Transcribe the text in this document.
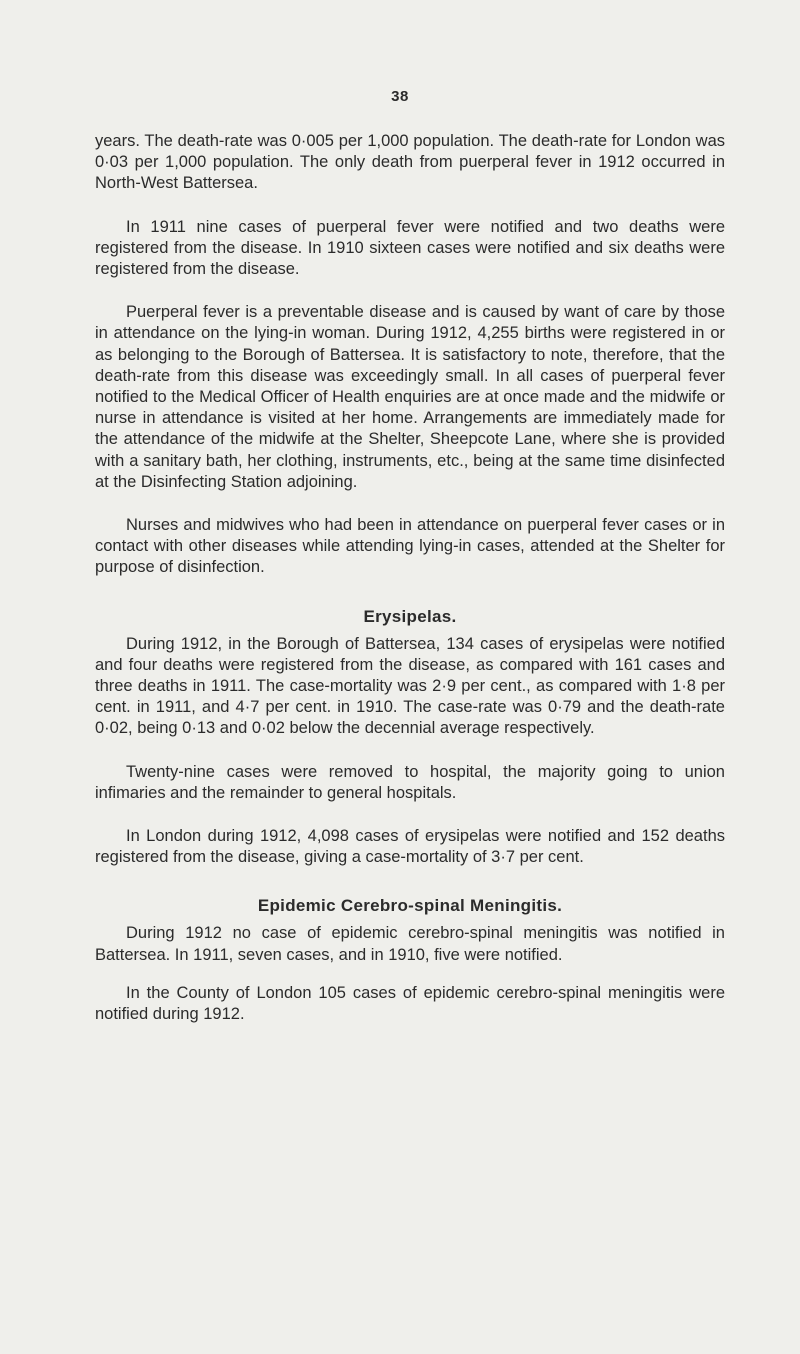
38

years. The death-rate was 0·005 per 1,000 population. The death-rate for London was 0·03 per 1,000 population. The only death from puerperal fever in 1912 occurred in North-West Battersea.

In 1911 nine cases of puerperal fever were notified and two deaths were registered from the disease. In 1910 sixteen cases were notified and six deaths were registered from the disease.

Puerperal fever is a preventable disease and is caused by want of care by those in attendance on the lying-in woman. During 1912, 4,255 births were registered in or as belonging to the Borough of Battersea. It is satisfactory to note, therefore, that the death-rate from this disease was exceedingly small. In all cases of puerperal fever notified to the Medical Officer of Health enquiries are at once made and the midwife or nurse in attendance is visited at her home. Arrangements are immediately made for the attendance of the midwife at the Shelter, Sheepcote Lane, where she is provided with a sanitary bath, her clothing, instruments, etc., being at the same time disinfected at the Disinfecting Station adjoining.

Nurses and midwives who had been in attendance on puerperal fever cases or in contact with other diseases while attending lying-in cases, attended at the Shelter for purpose of disinfection.

Erysipelas.

During 1912, in the Borough of Battersea, 134 cases of erysipelas were notified and four deaths were registered from the disease, as compared with 161 cases and three deaths in 1911. The case-mortality was 2·9 per cent., as compared with 1·8 per cent. in 1911, and 4·7 per cent. in 1910. The case-rate was 0·79 and the death-rate 0·02, being 0·13 and 0·02 below the decennial average respectively.

Twenty-nine cases were removed to hospital, the majority going to union infimaries and the remainder to general hospitals.

In London during 1912, 4,098 cases of erysipelas were notified and 152 deaths registered from the disease, giving a case-mortality of 3·7 per cent.

Epidemic Cerebro-spinal Meningitis.

During 1912 no case of epidemic cerebro-spinal meningitis was notified in Battersea. In 1911, seven cases, and in 1910, five were notified.

In the County of London 105 cases of epidemic cerebro-spinal meningitis were notified during 1912.
